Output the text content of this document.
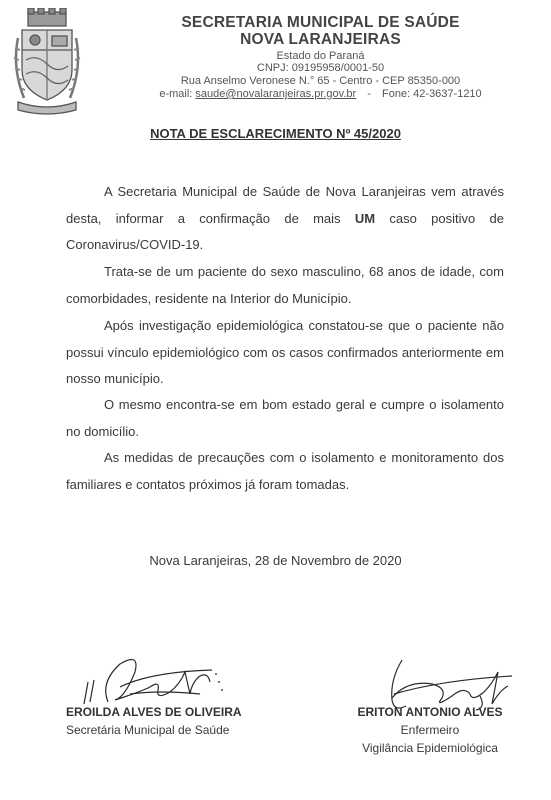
SECRETARIA MUNICIPAL DE SAÚDE
NOVA LARANJEIRAS
Estado do Paraná
CNPJ: 09195958/0001-50
Rua Anselmo Veronese N.° 65 - Centro - CEP 85350-000
e-mail: saude@novalaranjeiras.pr.gov.br - Fone: 42-3637-1210
NOTA DE ESCLARECIMENTO Nº 45/2020

A Secretaria Municipal de Saúde de Nova Laranjeiras vem através desta, informar a confirmação de mais UM caso positivo de Coronavirus/COVID-19.

Trata-se de um paciente do sexo masculino, 68 anos de idade, com comorbidades, residente na Interior do Município.

Após investigação epidemiológica constatou-se que o paciente não possui vínculo epidemiológico com os casos confirmados anteriormente em nosso município.

O mesmo encontra-se em bom estado geral e cumpre o isolamento no domicílio.

As medidas de precauções com o isolamento e monitoramento dos familiares e contatos próximos já foram tomadas.

Nova Laranjeiras, 28 de Novembro de 2020
EROILDA ALVES DE OLIVEIRA
Secretária Municipal de Saúde
ERITON ANTONIO ALVES
Enfermeiro
Vigilância Epidemiológica
